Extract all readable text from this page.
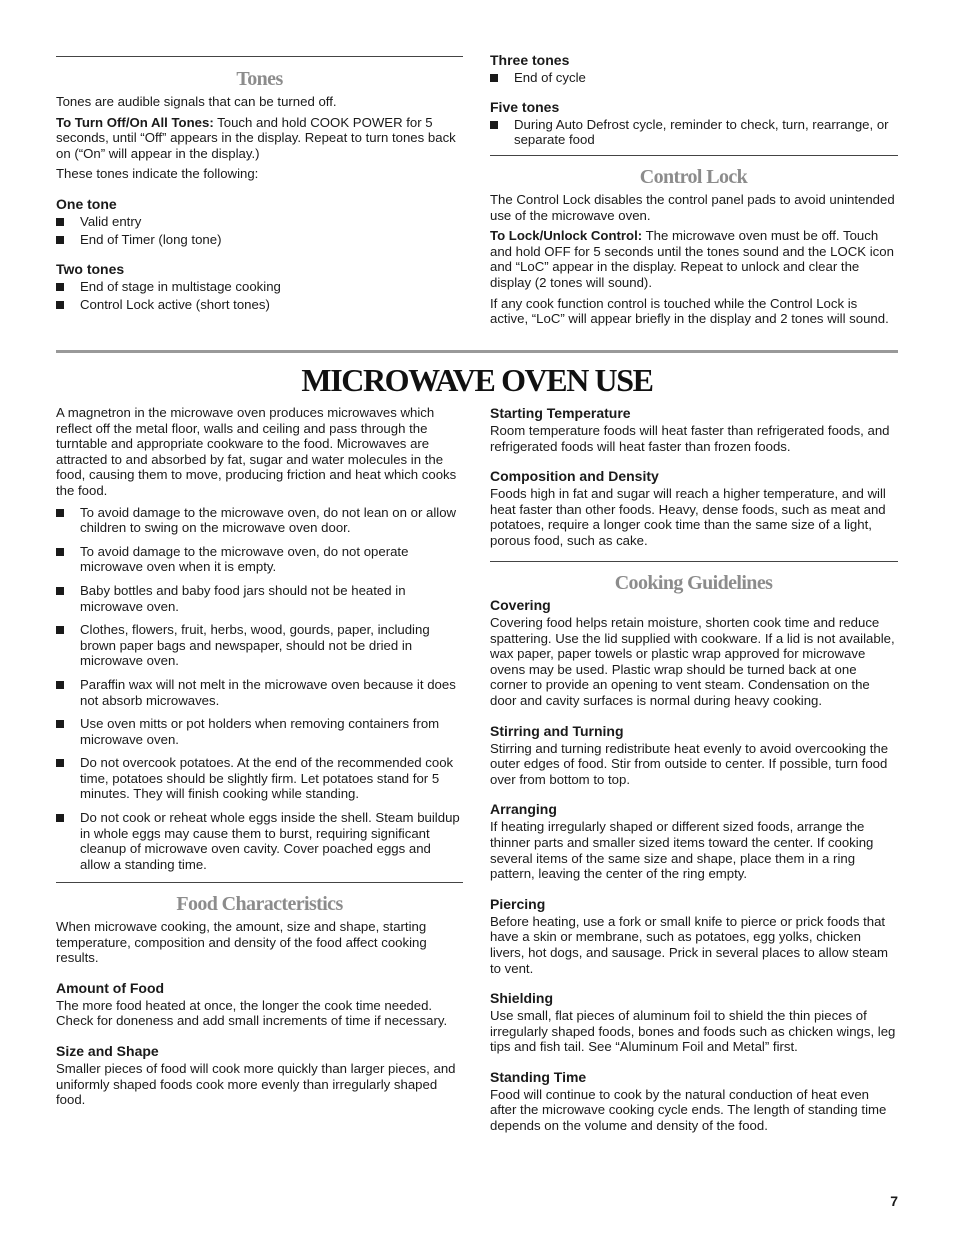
Tones

Tones are audible signals that can be turned off.

To Turn Off/On All Tones: Touch and hold COOK POWER for 5 seconds, until “Off” appears in the display. Repeat to turn tones back on (“On” will appear in the display.)

These tones indicate the following:

One tone
Valid entry
End of Timer (long tone)
Two tones
End of stage in multistage cooking
Control Lock active (short tones)
Three tones
End of cycle
Five tones
During Auto Defrost cycle, reminder to check, turn, rearrange, or separate food
Control Lock

The Control Lock disables the control panel pads to avoid unintended use of the microwave oven.

To Lock/Unlock Control: The microwave oven must be off. Touch and hold OFF for 5 seconds until the tones sound and the LOCK icon and “LoC” appear in the display. Repeat to unlock and clear the display (2 tones will sound).

If any cook function control is touched while the Control Lock is active, “LoC” will appear briefly in the display and 2 tones will sound.

MICROWAVE OVEN USE

A magnetron in the microwave oven produces microwaves which reflect off the metal floor, walls and ceiling and pass through the turntable and appropriate cookware to the food. Microwaves are attracted to and absorbed by fat, sugar and water molecules in the food, causing them to move, producing friction and heat which cooks the food.

To avoid damage to the microwave oven, do not lean on or allow children to swing on the microwave oven door.
To avoid damage to the microwave oven, do not operate microwave oven when it is empty.
Baby bottles and baby food jars should not be heated in microwave oven.
Clothes, flowers, fruit, herbs, wood, gourds, paper, including brown paper bags and newspaper, should not be dried in microwave oven.
Paraffin wax will not melt in the microwave oven because it does not absorb microwaves.
Use oven mitts or pot holders when removing containers from microwave oven.
Do not overcook potatoes. At the end of the recommended cook time, potatoes should be slightly firm. Let potatoes stand for 5 minutes. They will finish cooking while standing.
Do not cook or reheat whole eggs inside the shell. Steam buildup in whole eggs may cause them to burst, requiring significant cleanup of microwave oven cavity. Cover poached eggs and allow a standing time.
Food Characteristics

When microwave cooking, the amount, size and shape, starting temperature, composition and density of the food affect cooking results.

Amount of Food

The more food heated at once, the longer the cook time needed. Check for doneness and add small increments of time if necessary.

Size and Shape

Smaller pieces of food will cook more quickly than larger pieces, and uniformly shaped foods cook more evenly than irregularly shaped food.

Starting Temperature

Room temperature foods will heat faster than refrigerated foods, and refrigerated foods will heat faster than frozen foods.

Composition and Density

Foods high in fat and sugar will reach a higher temperature, and will heat faster than other foods. Heavy, dense foods, such as meat and potatoes, require a longer cook time than the same size of a light, porous food, such as cake.

Cooking Guidelines
Covering

Covering food helps retain moisture, shorten cook time and reduce spattering. Use the lid supplied with cookware. If a lid is not available, wax paper, paper towels or plastic wrap approved for microwave ovens may be used. Plastic wrap should be turned back at one corner to provide an opening to vent steam. Condensation on the door and cavity surfaces is normal during heavy cooking.

Stirring and Turning

Stirring and turning redistribute heat evenly to avoid overcooking the outer edges of food. Stir from outside to center. If possible, turn food over from bottom to top.

Arranging

If heating irregularly shaped or different sized foods, arrange the thinner parts and smaller sized items toward the center. If cooking several items of the same size and shape, place them in a ring pattern, leaving the center of the ring empty.

Piercing

Before heating, use a fork or small knife to pierce or prick foods that have a skin or membrane, such as potatoes, egg yolks, chicken livers, hot dogs, and sausage. Prick in several places to allow steam to vent.

Shielding

Use small, flat pieces of aluminum foil to shield the thin pieces of irregularly shaped foods, bones and foods such as chicken wings, leg tips and fish tail. See “Aluminum Foil and Metal” first.

Standing Time

Food will continue to cook by the natural conduction of heat even after the microwave cooking cycle ends. The length of standing time depends on the volume and density of the food.

7
